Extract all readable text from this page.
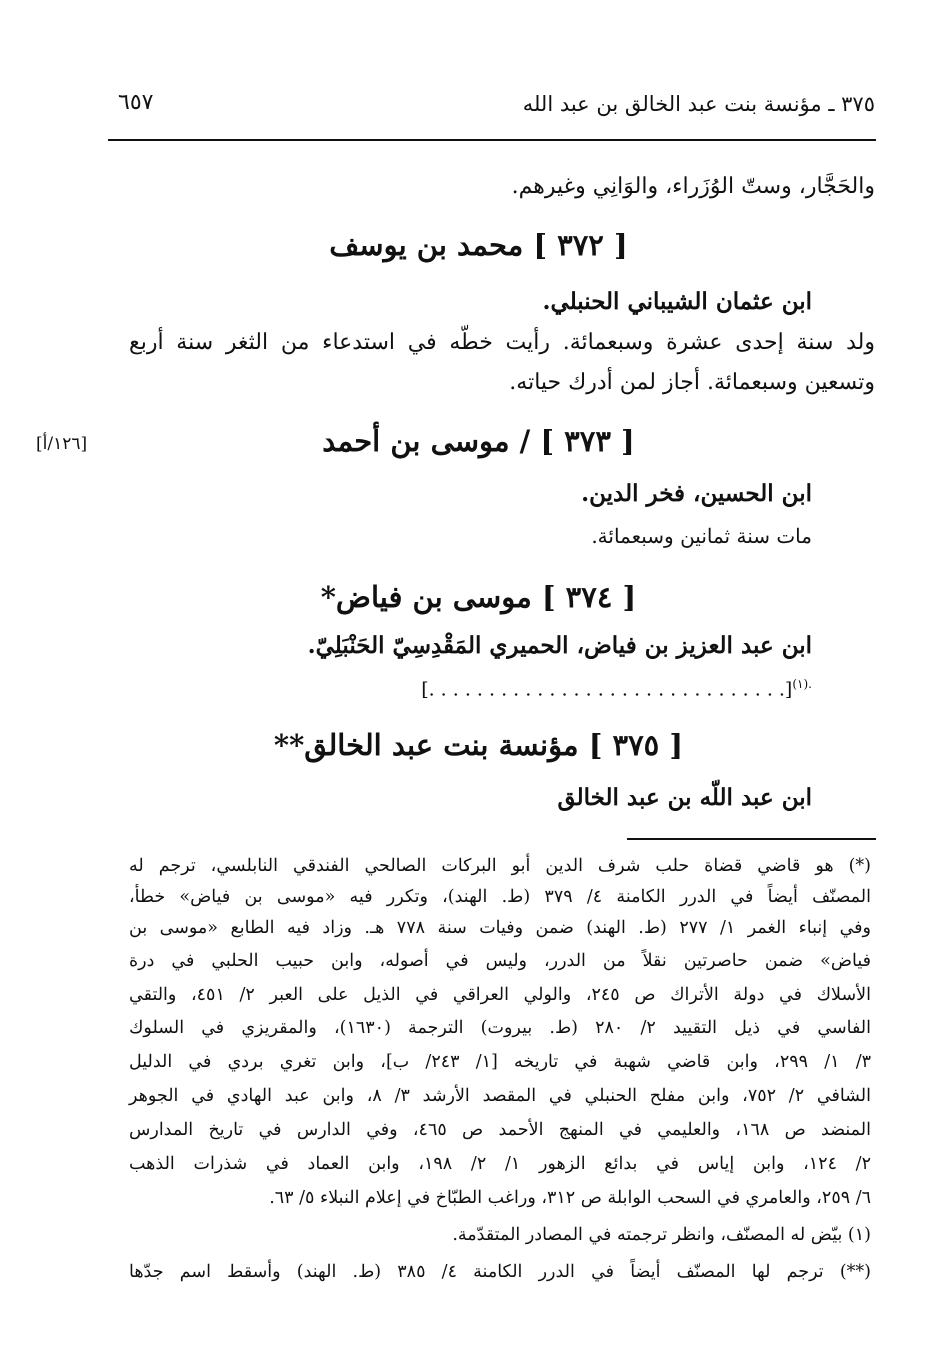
٣٧٥ ـ مؤنسة بنت عبد الخالق بن عبد الله
٦٥٧
والحَجَّار، وستّ الوُزَراء، والوَانِي وغيرهم.
[ ٣٧٢ ] محمد بن يوسف
ابن عثمان الشيباني الحنبلي.
ولد سنة إحدى عشرة وسبعمائة. رأيت خطّه في استدعاء من الثغر سنة أربع
وتسعين وسبعمائة. أجاز لمن أدرك حياته.
[١٢٦/أ]	[ ٣٧٣ ] / موسى بن أحمد
ابن الحسين، فخر الدين.
مات سنة ثمانين وسبعمائة.
[ ٣٧٤ ] موسى بن فياض*
ابن عبد العزيز بن فياض، الحميري المَقْدِسِيّ الحَنْبَلِيّ.
[. . . . . . . . . . . . . . . . . . . . . . . . . . . . . .]$^{(١).}$
[ ٣٧٥ ] مؤنسة بنت عبد الخالق**
ابن عبد اللّه بن عبد الخالق
(*) هو قاضي قضاة حلب شرف الدين أبو البركات الصالحي الفندقي النابلسي، ترجم له
المصنّف أيضاً في الدرر الكامنة ٤/ ٣٧٩ (ط. الهند)، وتكرر فيه «موسى بن فياض» خطأ،
وفي إنباء الغمر ١/ ٢٧٧ (ط. الهند) ضمن وفيات سنة ٧٧٨ هـ. وزاد فيه الطابع «موسى بن
فياض» ضمن حاصرتين نقلاً من الدرر، وليس في أصوله، وابن حبيب الحلبي في درة
الأسلاك في دولة الأتراك ص ٢٤٥، والولي العراقي في الذيل على العبر ٢/ ٤٥١، والتقي
الفاسي في ذيل التقييد ٢/ ٢٨٠ (ط. بيروت) الترجمة (١٦٣٠)، والمقريزي في السلوك
٣/ ١/ ٢٩٩، وابن قاضي شهبة في تاريخه [١/ ٢٤٣/ ب]، وابن تغري بردي في الدليل
الشافي ٢/ ٧٥٢، وابن مفلح الحنبلي في المقصد الأرشد ٣/ ٨، وابن عبد الهادي في الجوهر
المنضد ص ١٦٨، والعليمي في المنهج الأحمد ص ٤٦٥، وفي الدارس في تاريخ المدارس
٢/ ١٢٤، وابن إياس في بدائع الزهور ١/ ٢/ ١٩٨، وابن العماد في شذرات الذهب
٦/ ٢٥٩، والعامري في السحب الوابلة ص ٣١٢، وراغب الطبّاخ في إعلام النبلاء ٥/ ٦٣.
(١) بيّض له المصنّف، وانظر ترجمته في المصادر المتقدّمة.
(**) ترجم لها المصنّف أيضاً في الدرر الكامنة ٤/ ٣٨٥ (ط. الهند) وأسقط اسم جدّها
